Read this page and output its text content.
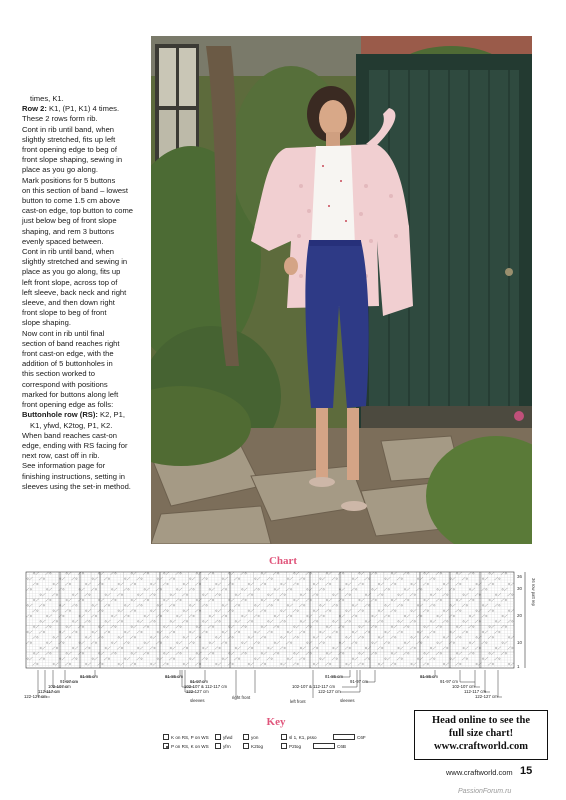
times, K1.

Row 2: K1, (P1, K1) 4 times.

These 2 rows form rib.

Cont in rib until band, when

slightly stretched, fits up left

front opening edge to beg of

front slope shaping, sewing in

place as you go along.

Mark positions for 5 buttons

on this section of band – lowest

button to come 1.5 cm above

cast-on edge, top button to come

just below beg of front slope

shaping, and rem 3 buttons

evenly spaced between.

Cont in rib until band, when

slightly stretched and sewing in

place as you go along, fits up

left front slope, across top of

left sleeve, back neck and right

sleeve, and then down right

front slope to beg of front

slope shaping.

Now cont in rib until final

section of band reaches right

front cast-on edge, with the

addition of 5 buttonholes in

this section worked to

correspond with positions

marked for buttons along left

front opening edge as folls:

Buttonhole row (RS): K2, P1,

K1, yfwd, K2tog, P1, K2.

When band reaches cast-on

edge, ending with RS facing for

next row, cast off in rib.

See information page for

finishing instructions, setting in

sleeves using the set-in method.

Chart
36
30
20
10
1
36 row patt rep
81-86 cm
91-97 cm
102-107 cm
112-117 cm
122-127 cm
81-86 cm
91-97 cm
102-107 & 112-117 cm
122-127 cm
sleeves
right front
left front
81-86 cm
91-97 cm
102-107 & 112-117 cm
122-127 cm
sleeves
81-86 cm
91-97 cm
102-107 cm
112-117 cm
122-127 cm
Key
K on RS, P on WS
P on RS, K on WS
yfwd
yfrn
yon
K2tog
sl 1, K1, psso
P2tog
C6F
C6B
Head online to see the
full size chart!
www.craftworld.com
www.craftworld.com 15
PassionForum.ru
